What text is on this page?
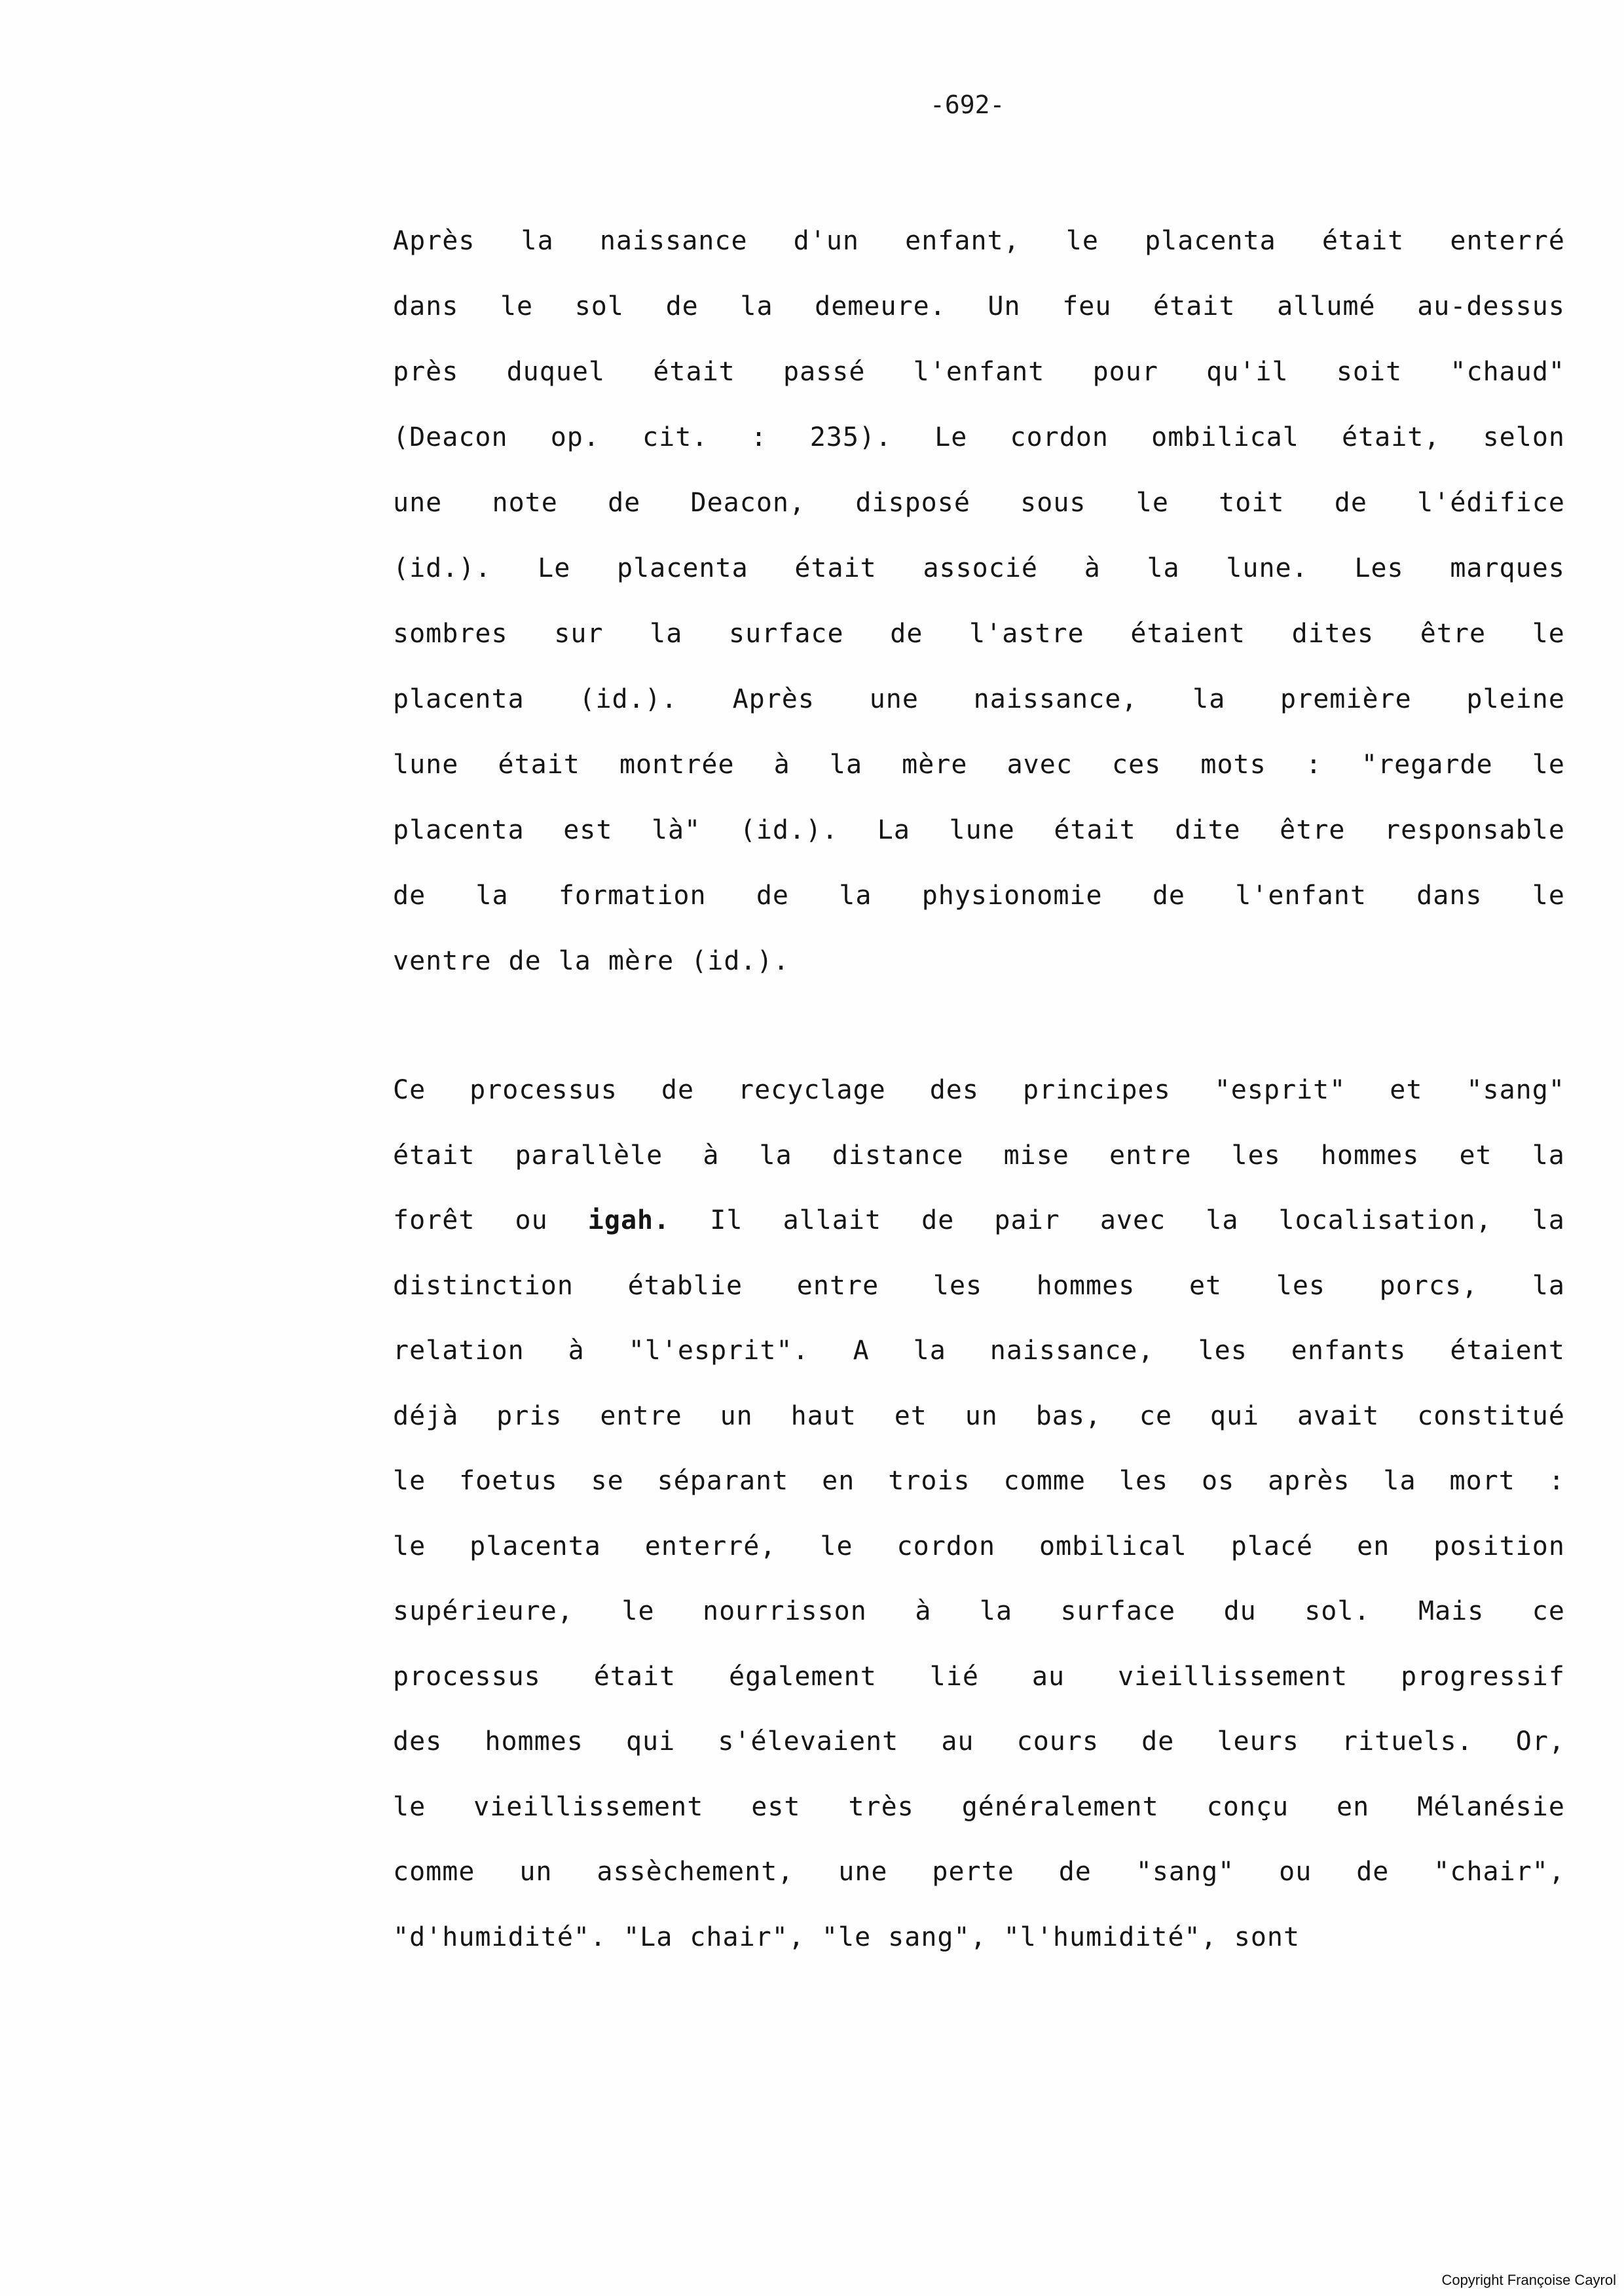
-692-
Après la naissance d'un enfant, le placenta était enterré
dans le sol de la demeure. Un feu était allumé au-dessus
près duquel était passé l'enfant pour qu'il soit "chaud"
(Deacon op. cit. : 235). Le cordon ombilical était, selon
une note de Deacon, disposé sous le toit de l'édifice
(id.). Le placenta était associé à la lune. Les marques
sombres sur la surface de l'astre étaient dites être le
placenta (id.). Après une naissance, la première pleine
lune était montrée à la mère avec ces mots : "regarde le
placenta est là" (id.). La lune était dite être responsable
de la formation de la physionomie de l'enfant dans le
ventre de la mère (id.).
Ce processus de recyclage des principes "esprit" et "sang"
était parallèle à la distance mise entre les hommes et la
forêt ou igah. Il allait de pair avec la localisation, la
distinction établie entre les hommes et les porcs, la
relation à "l'esprit". A la naissance, les enfants étaient
déjà pris entre un haut et un bas, ce qui avait constitué
le foetus se séparant en trois comme les os après la mort :
le placenta enterré, le cordon ombilical placé en position
supérieure, le nourrisson à la surface du sol. Mais ce
processus était également lié au vieillissement progressif
des hommes qui s'élevaient au cours de leurs rituels. Or,
le vieillissement est très généralement conçu en Mélanésie
comme un assèchement, une perte de "sang" ou de "chair",
"d'humidité". "La chair", "le sang", "l'humidité", sont
Copyright Françoise Cayrol
